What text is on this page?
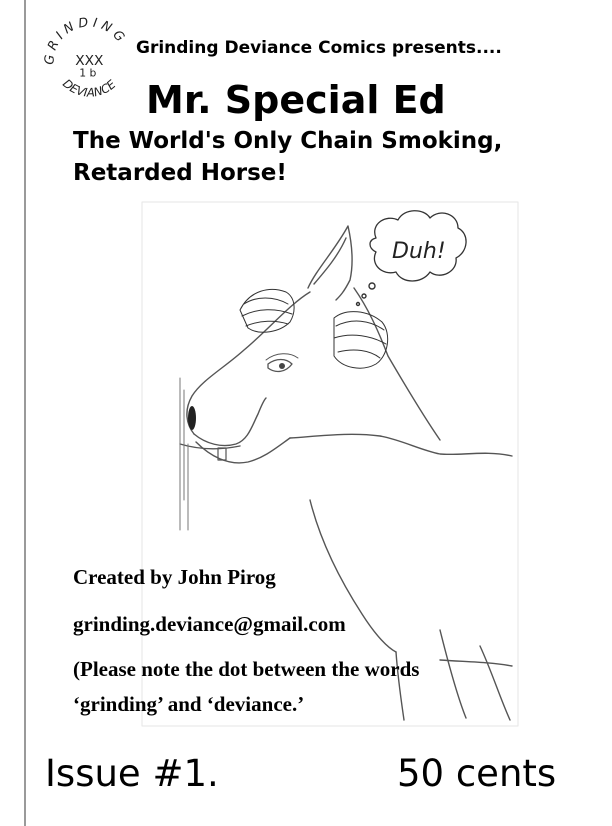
G R I N D I N G
XXX
1 b
DEVIANCE
Grinding Deviance Comics presents....
Mr. Special Ed
The World's Only Chain Smoking,
Retarded Horse!
Duh!
Created by John Pirog
grinding.deviance@gmail.com
(Please note the dot between the words
‘grinding’ and ‘deviance.’
Issue #1.	50 cents
